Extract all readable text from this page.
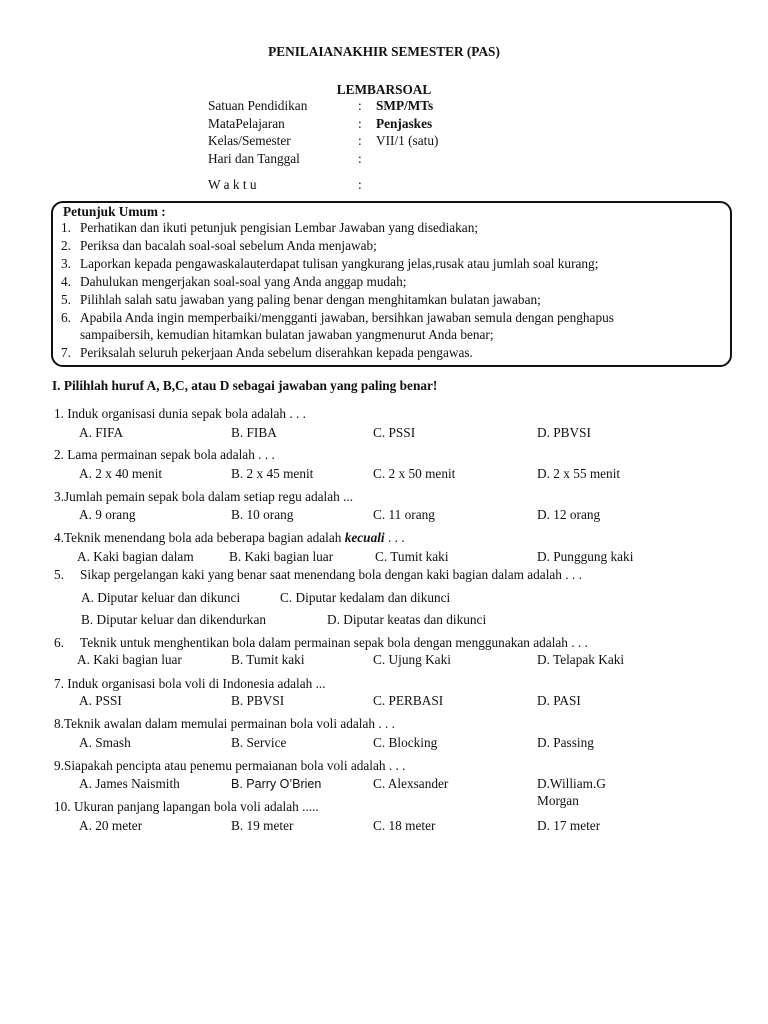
PENILAIANAKHIR SEMESTER (PAS)
LEMBARSOAL
Satuan Pendidikan	: SMP/MTs
MataPelajaran	: Penjaskes
Kelas/Semester	: VII/1 (satu)
Hari dan Tanggal	:
W a k t u	:
Petunjuk Umum :
1. Perhatikan dan ikuti petunjuk pengisian Lembar Jawaban yang disediakan;
2. Periksa dan bacalah soal-soal sebelum Anda menjawab;
3. Laporkan kepada pengawaskalauterdapat tulisan yangkurang jelas,rusak atau jumlah soal kurang;
4. Dahulukan mengerjakan soal-soal yang Anda anggap mudah;
5. Pilihlah salah satu jawaban yang paling benar dengan menghitamkan bulatan jawaban;
6. Apabila Anda ingin memperbaiki/mengganti jawaban, bersihkan jawaban semula dengan penghapus
sampaibersih, kemudian hitamkan bulatan jawaban yangmenurut Anda benar;
7. Periksalah seluruh pekerjaan Anda sebelum diserahkan kepada pengawas.
I. Pilihlah huruf A, B,C, atau D sebagai jawaban yang paling benar!
1. Induk organisasi dunia sepak bola adalah . . .
A. FIFA	B. FIBA	C. PSSI	D. PBVSI
2. Lama permainan sepak bola adalah . . .
A. 2 x 40 menit	B. 2 x 45 menit	C. 2 x 50 menit	D. 2 x 55 menit
3.Jumlah pemain sepak bola dalam setiap regu adalah ...
A. 9 orang	B. 10 orang	C. 11 orang	D. 12 orang
4.Teknik menendang bola ada beberapa bagian adalah kecuali . . .
A. Kaki bagian dalam	B. Kaki bagian luar	C. Tumit kaki	D. Punggung kaki
5. Sikap pergelangan kaki yang benar saat menendang bola dengan kaki bagian dalam adalah . . .
A. Diputar keluar dan dikunci	C. Diputar kedalam dan dikunci
B. Diputar keluar dan dikendurkan	D. Diputar keatas dan dikunci
6. Teknik untuk menghentikan bola dalam permainan sepak bola dengan menggunakan adalah . . .
A. Kaki bagian luar	B. Tumit kaki	C. Ujung Kaki	D. Telapak Kaki
7. Induk organisasi bola voli di Indonesia adalah ...
A. PSSI	B. PBVSI	C. PERBASI	D. PASI
8.Teknik awalan dalam memulai permainan bola voli adalah . . .
A. Smash	B. Service	C. Blocking	D. Passing
9.Siapakah pencipta atau penemu permaianan bola voli adalah . . .
A. James Naismith	B. Parry O’Brien	C. Alexsander	D.William.G
Morgan
10. Ukuran panjang lapangan bola voli adalah .....
A. 20 meter	B. 19 meter	C. 18 meter	D. 17 meter
